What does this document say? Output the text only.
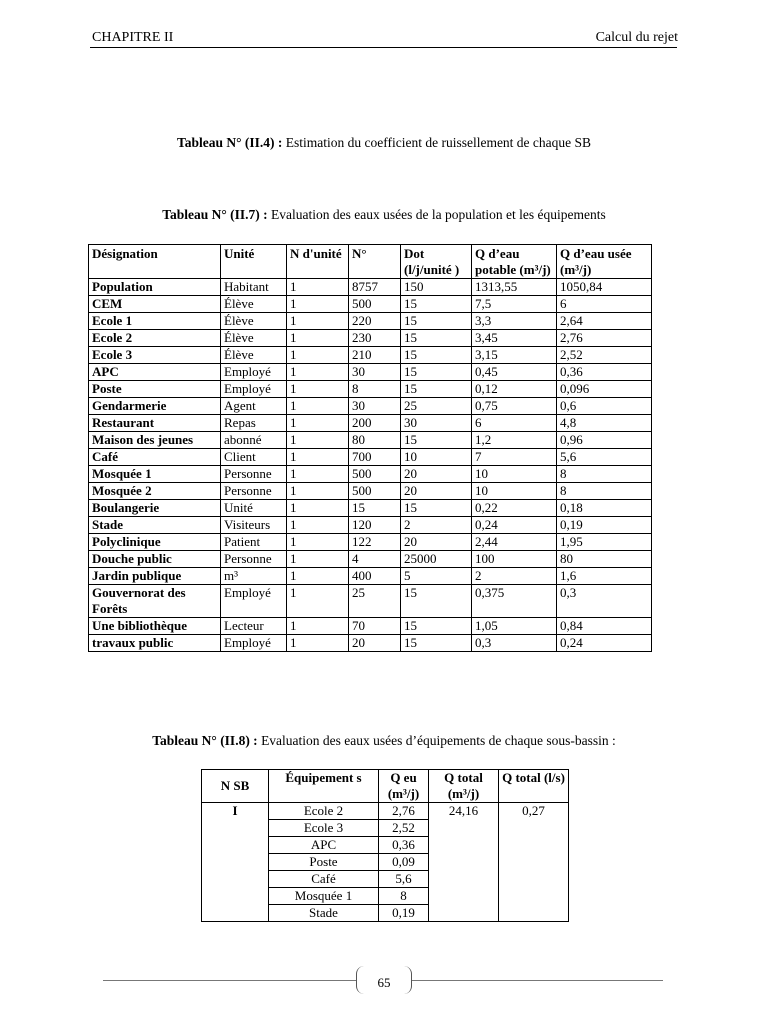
CHAPITRE II	Calcul du rejet
Tableau N° (II.4) : Estimation du coefficient de ruissellement de chaque SB
Tableau N° (II.7) : Evaluation des eaux usées de la population et les équipements
Désignation	Unité	N d'unité	N°	Dot (l/j/unité )	Q d’eau potable (m³/j)	Q d’eau usée (m³/j)
Population	Habitant	1	8757	150	1313,55	1050,84
CEM	Élève	1	500	15	7,5	6
Ecole 1	Élève	1	220	15	3,3	2,64
Ecole 2	Élève	1	230	15	3,45	2,76
Ecole 3	Élève	1	210	15	3,15	2,52
APC	Employé	1	30	15	0,45	0,36
Poste	Employé	1	8	15	0,12	0,096
Gendarmerie	Agent	1	30	25	0,75	0,6
Restaurant	Repas	1	200	30	6	4,8
Maison des jeunes	abonné	1	80	15	1,2	0,96
Café	Client	1	700	10	7	5,6
Mosquée 1	Personne	1	500	20	10	8
Mosquée 2	Personne	1	500	20	10	8
Boulangerie	Unité	1	15	15	0,22	0,18
Stade	Visiteurs	1	120	2	0,24	0,19
Polyclinique	Patient	1	122	20	2,44	1,95
Douche public	Personne	1	4	25000	100	80
Jardin publique	m³	1	400	5	2	1,6
Gouvernorat des Forêts	Employé	1	25	15	0,375	0,3
Une bibliothèque	Lecteur	1	70	15	1,05	0,84
travaux public	Employé	1	20	15	0,3	0,24
Tableau N° (II.8) : Evaluation des eaux usées d’équipements de chaque sous-bassin :
N SB	Équipement s	Q eu (m³/j)	Q total (m³/j)	Q total (l/s)
I	Ecole 2	2,76	24,16	0,27
	Ecole 3	2,52		
	APC	0,36		
	Poste	0,09		
	Café	5,6		
	Mosquée 1	8		
	Stade	0,19		
65
